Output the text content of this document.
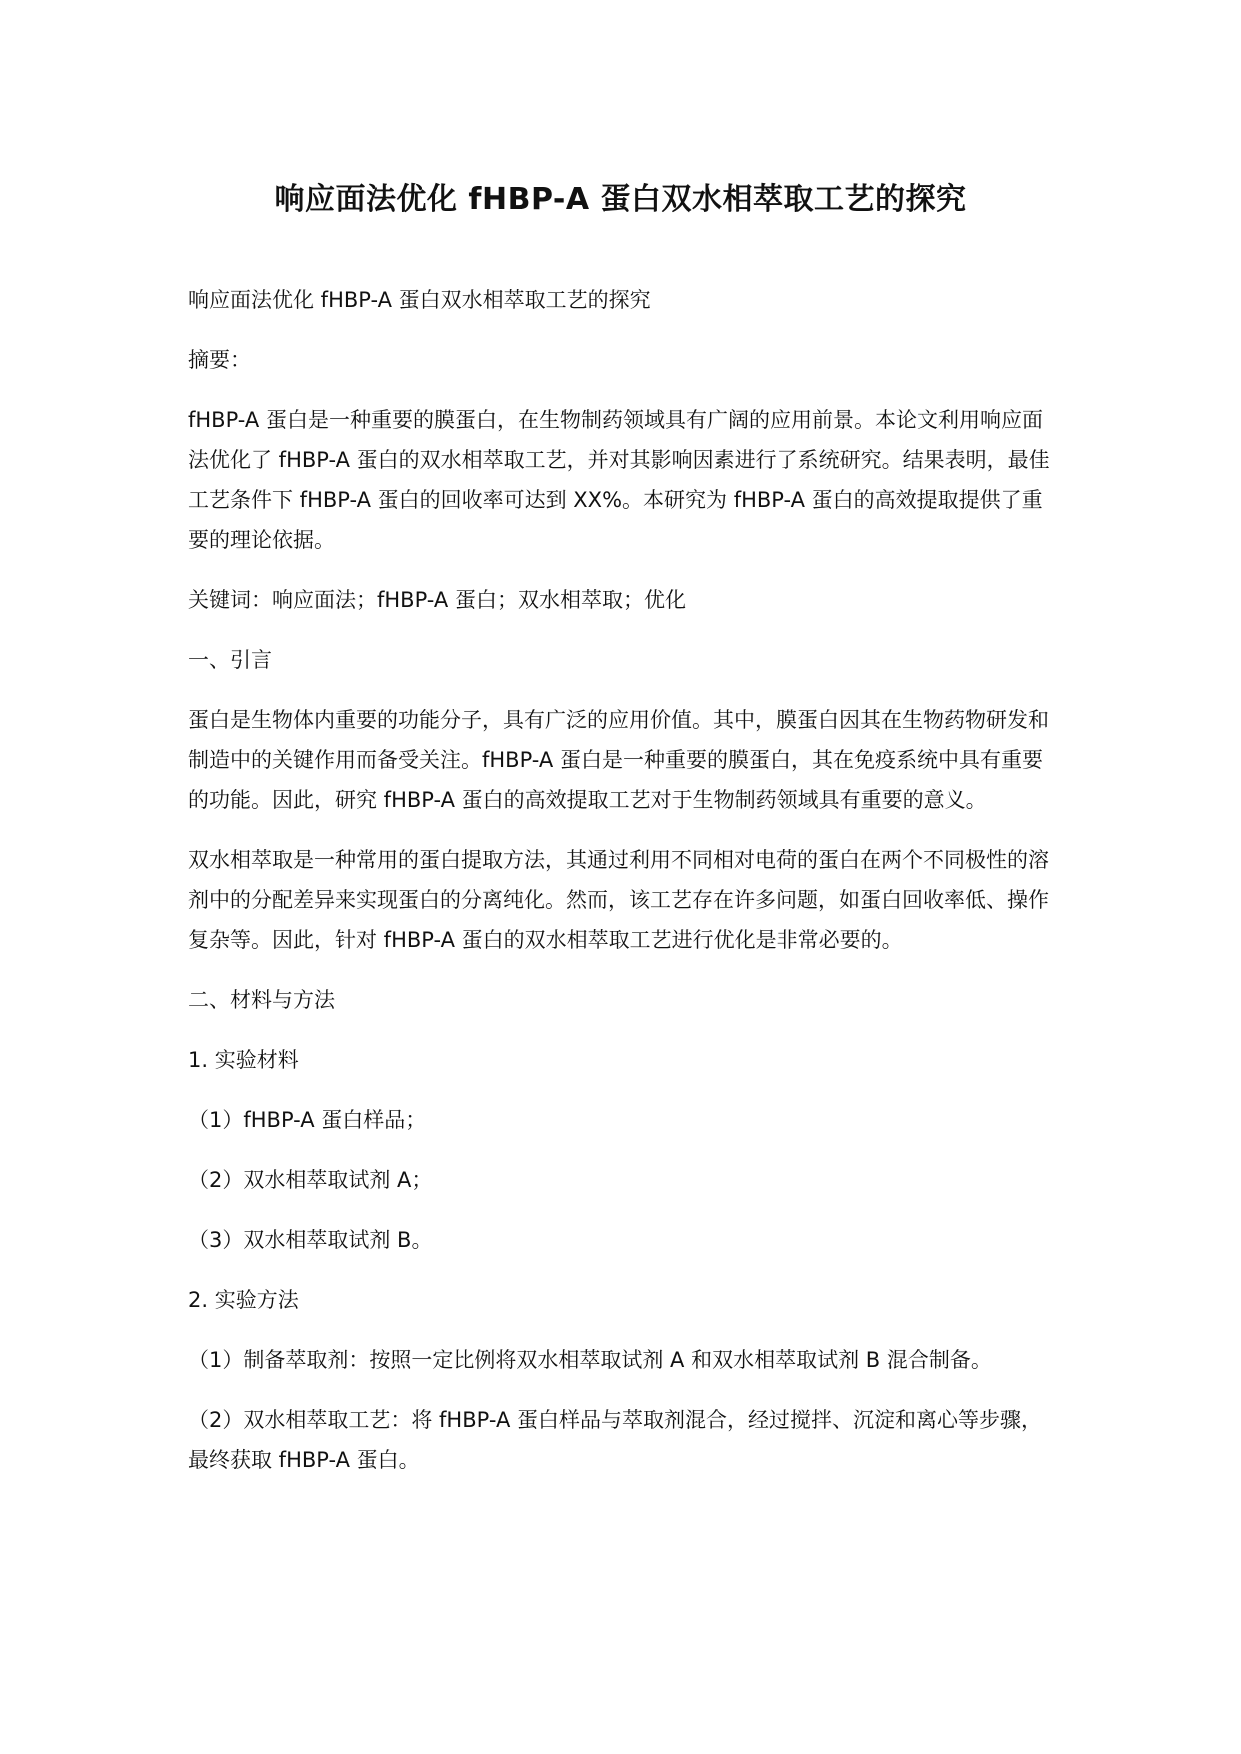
响应面法优化 fHBP-A 蛋白双水相萃取工艺的探究

响应面法优化 fHBP-A 蛋白双水相萃取工艺的探究

摘要：

fHBP-A 蛋白是一种重要的膜蛋白，在生物制药领域具有广阔的应用前景。本论文利用响应面法优化了 fHBP-A 蛋白的双水相萃取工艺，并对其影响因素进行了系统研究。结果表明，最佳工艺条件下 fHBP-A 蛋白的回收率可达到 XX%。本研究为 fHBP-A 蛋白的高效提取提供了重要的理论依据。

关键词：响应面法；fHBP-A 蛋白；双水相萃取；优化

一、引言

蛋白是生物体内重要的功能分子，具有广泛的应用价值。其中，膜蛋白因其在生物药物研发和制造中的关键作用而备受关注。fHBP-A 蛋白是一种重要的膜蛋白，其在免疫系统中具有重要的功能。因此，研究 fHBP-A 蛋白的高效提取工艺对于生物制药领域具有重要的意义。

双水相萃取是一种常用的蛋白提取方法，其通过利用不同相对电荷的蛋白在两个不同极性的溶剂中的分配差异来实现蛋白的分离纯化。然而，该工艺存在许多问题，如蛋白回收率低、操作复杂等。因此，针对 fHBP-A 蛋白的双水相萃取工艺进行优化是非常必要的。

二、材料与方法

1. 实验材料

（1）fHBP-A 蛋白样品；

（2）双水相萃取试剂 A；

（3）双水相萃取试剂 B。

2. 实验方法

（1）制备萃取剂：按照一定比例将双水相萃取试剂 A 和双水相萃取试剂 B 混合制备。

（2）双水相萃取工艺：将 fHBP-A 蛋白样品与萃取剂混合，经过搅拌、沉淀和离心等步骤，最终获取 fHBP-A 蛋白。
